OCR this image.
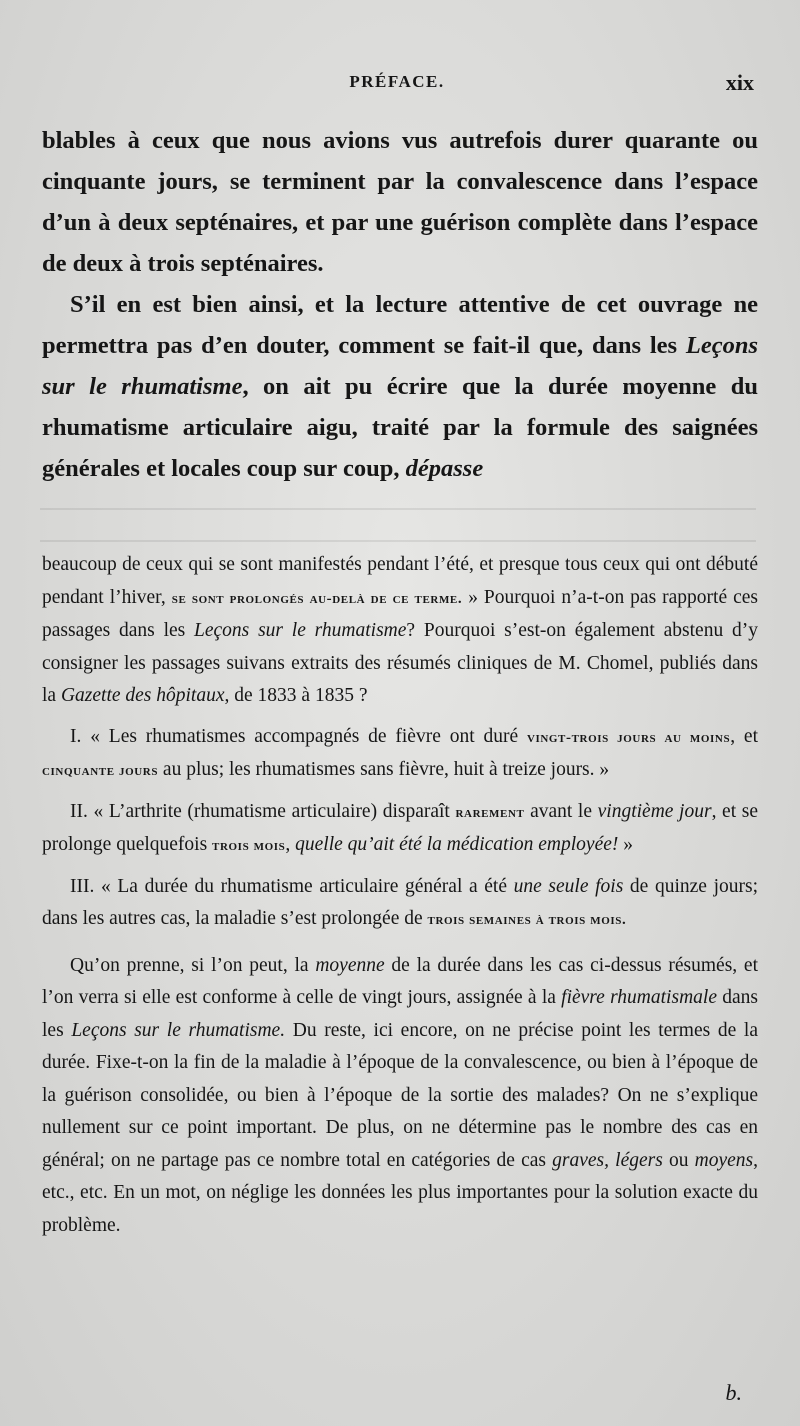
PRÉFACE.	xix

blables à ceux que nous avions vus autrefois durer quarante ou cinquante jours, se terminent par la convalescence dans l’espace d’un à deux septénaires, et par une guérison complète dans l’espace de deux à trois septénaires.

S’il en est bien ainsi, et la lecture attentive de cet ouvrage ne permettra pas d’en douter, comment se fait-il que, dans les Leçons sur le rhumatisme, on ait pu écrire que la durée moyenne du rhumatisme articulaire aigu, traité par la formule des saignées générales et locales coup sur coup, dépasse

beaucoup de ceux qui se sont manifestés pendant l’été, et presque tous ceux qui ont débuté pendant l’hiver, se sont prolongés au-delà de ce terme. » Pourquoi n’a-t-on pas rapporté ces passages dans les Leçons sur le rhumatisme? Pourquoi s’est-on également abstenu d’y consigner les passages suivans extraits des résumés cliniques de M. Chomel, publiés dans la Gazette des hôpitaux, de 1833 à 1835 ?

I. « Les rhumatismes accompagnés de fièvre ont duré vingt-trois jours au moins, et cinquante jours au plus; les rhumatismes sans fièvre, huit à treize jours. »

II. « L’arthrite (rhumatisme articulaire) disparaît rarement avant le vingtième jour, et se prolonge quelquefois trois mois, quelle qu’ait été la médication employée! »

III. « La durée du rhumatisme articulaire général a été une seule fois de quinze jours; dans les autres cas, la maladie s’est prolongée de trois semaines à trois mois.

Qu’on prenne, si l’on peut, la moyenne de la durée dans les cas ci-dessus résumés, et l’on verra si elle est conforme à celle de vingt jours, assignée à la fièvre rhumatismale dans les Leçons sur le rhumatisme. Du reste, ici encore, on ne précise point les termes de la durée. Fixe-t-on la fin de la maladie à l’époque de la convalescence, ou bien à l’époque de la guérison consolidée, ou bien à l’époque de la sortie des malades? On ne s’explique nullement sur ce point important. De plus, on ne détermine pas le nombre des cas en général; on ne partage pas ce nombre total en catégories de cas graves, légers ou moyens, etc., etc. En un mot, on néglige les données les plus importantes pour la solution exacte du problème.

b.
